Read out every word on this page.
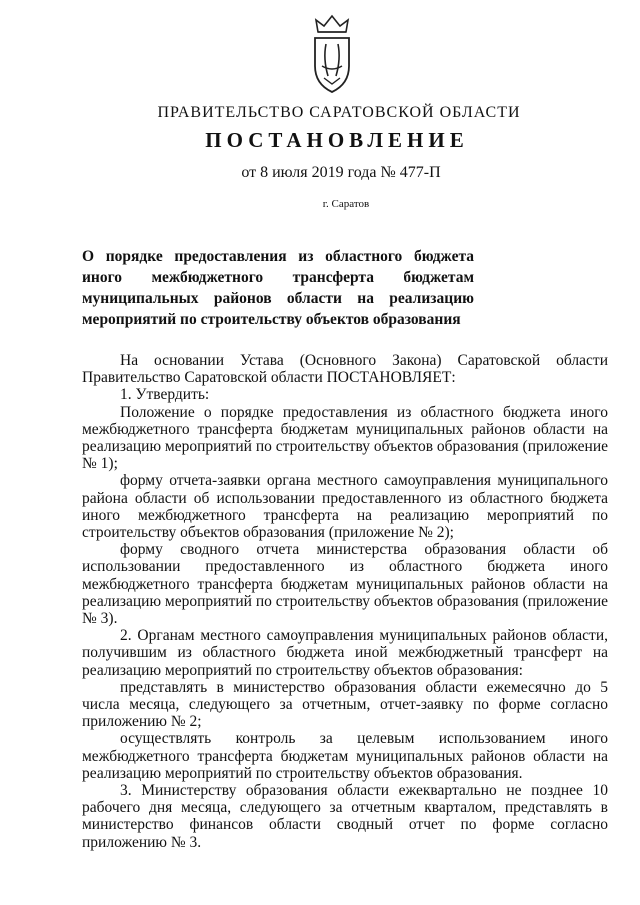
ПРАВИТЕЛЬСТВО САРАТОВСКОЙ ОБЛАСТИ
ПОСТАНОВЛЕНИЕ
от 8 июля 2019 года № 477-П
г. Саратов

О порядке предоставления из областного бюджета иного межбюджетного трансферта бюджетам муниципальных районов области на реализацию мероприятий по строительству объектов образования

На основании Устава (Основного Закона) Саратовской области Правительство Саратовской области ПОСТАНОВЛЯЕТ:

1. Утвердить:

Положение о порядке предоставления из областного бюджета иного межбюджетного трансферта бюджетам муниципальных районов области на реализацию мероприятий по строительству объектов образования (приложение № 1);

форму отчета-заявки органа местного самоуправления муниципального района области об использовании предоставленного из областного бюджета иного межбюджетного трансферта на реализацию мероприятий по строительству объектов образования (приложение № 2);

форму сводного отчета министерства образования области об использовании предоставленного из областного бюджета иного межбюджетного трансферта бюджетам муниципальных районов области на реализацию мероприятий по строительству объектов образования (приложение № 3).

2. Органам местного самоуправления муниципальных районов области, получившим из областного бюджета иной межбюджетный трансферт на реализацию мероприятий по строительству объектов образования:

представлять в министерство образования области ежемесячно до 5 числа месяца, следующего за отчетным, отчет-заявку по форме согласно приложению № 2;

осуществлять контроль за целевым использованием иного межбюджетного трансферта бюджетам муниципальных районов области на реализацию мероприятий по строительству объектов образования.

3. Министерству образования области ежеквартально не позднее 10 рабочего дня месяца, следующего за отчетным кварталом, представлять в министерство финансов области сводный отчет по форме согласно приложению № 3.
